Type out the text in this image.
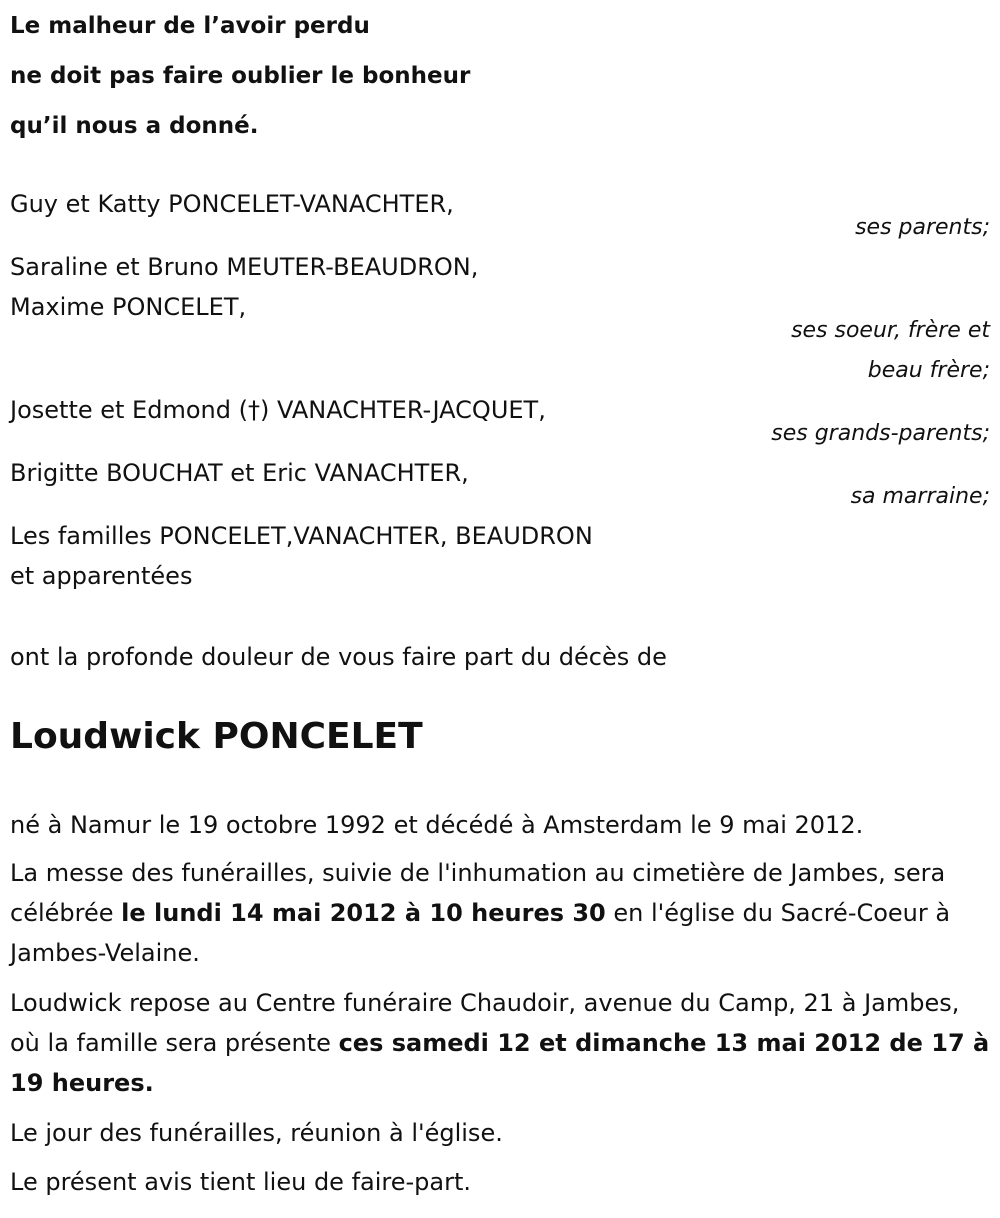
Le malheur de l’avoir perdu

ne doit pas faire oublier le bonheur

qu’il nous a donné.

Guy et Katty PONCELET-VANACHTER,
ses parents;
Saraline et Bruno MEUTER-BEAUDRON,
Maxime PONCELET,
ses soeur, frère et
beau frère;
Josette et Edmond (†) VANACHTER-JACQUET,
ses grands-parents;
Brigitte BOUCHAT et Eric VANACHTER,
sa marraine;
Les familles PONCELET,VANACHTER, BEAUDRON
et apparentées
ont la profonde douleur de vous faire part du décès de
Loudwick PONCELET

né à Namur le 19 octobre 1992 et décédé à Amsterdam le 9 mai 2012.

La messe des funérailles, suivie de l'inhumation au cimetière de Jambes, sera célébrée le lundi 14 mai 2012 à 10 heures 30 en l'église du Sacré-Coeur à Jambes-Velaine.

Loudwick repose au Centre funéraire Chaudoir, avenue du Camp, 21 à Jambes, où la famille sera présente ces samedi 12 et dimanche 13 mai 2012 de 17 à 19 heures.

Le jour des funérailles, réunion à l'église.

Le présent avis tient lieu de faire-part.
